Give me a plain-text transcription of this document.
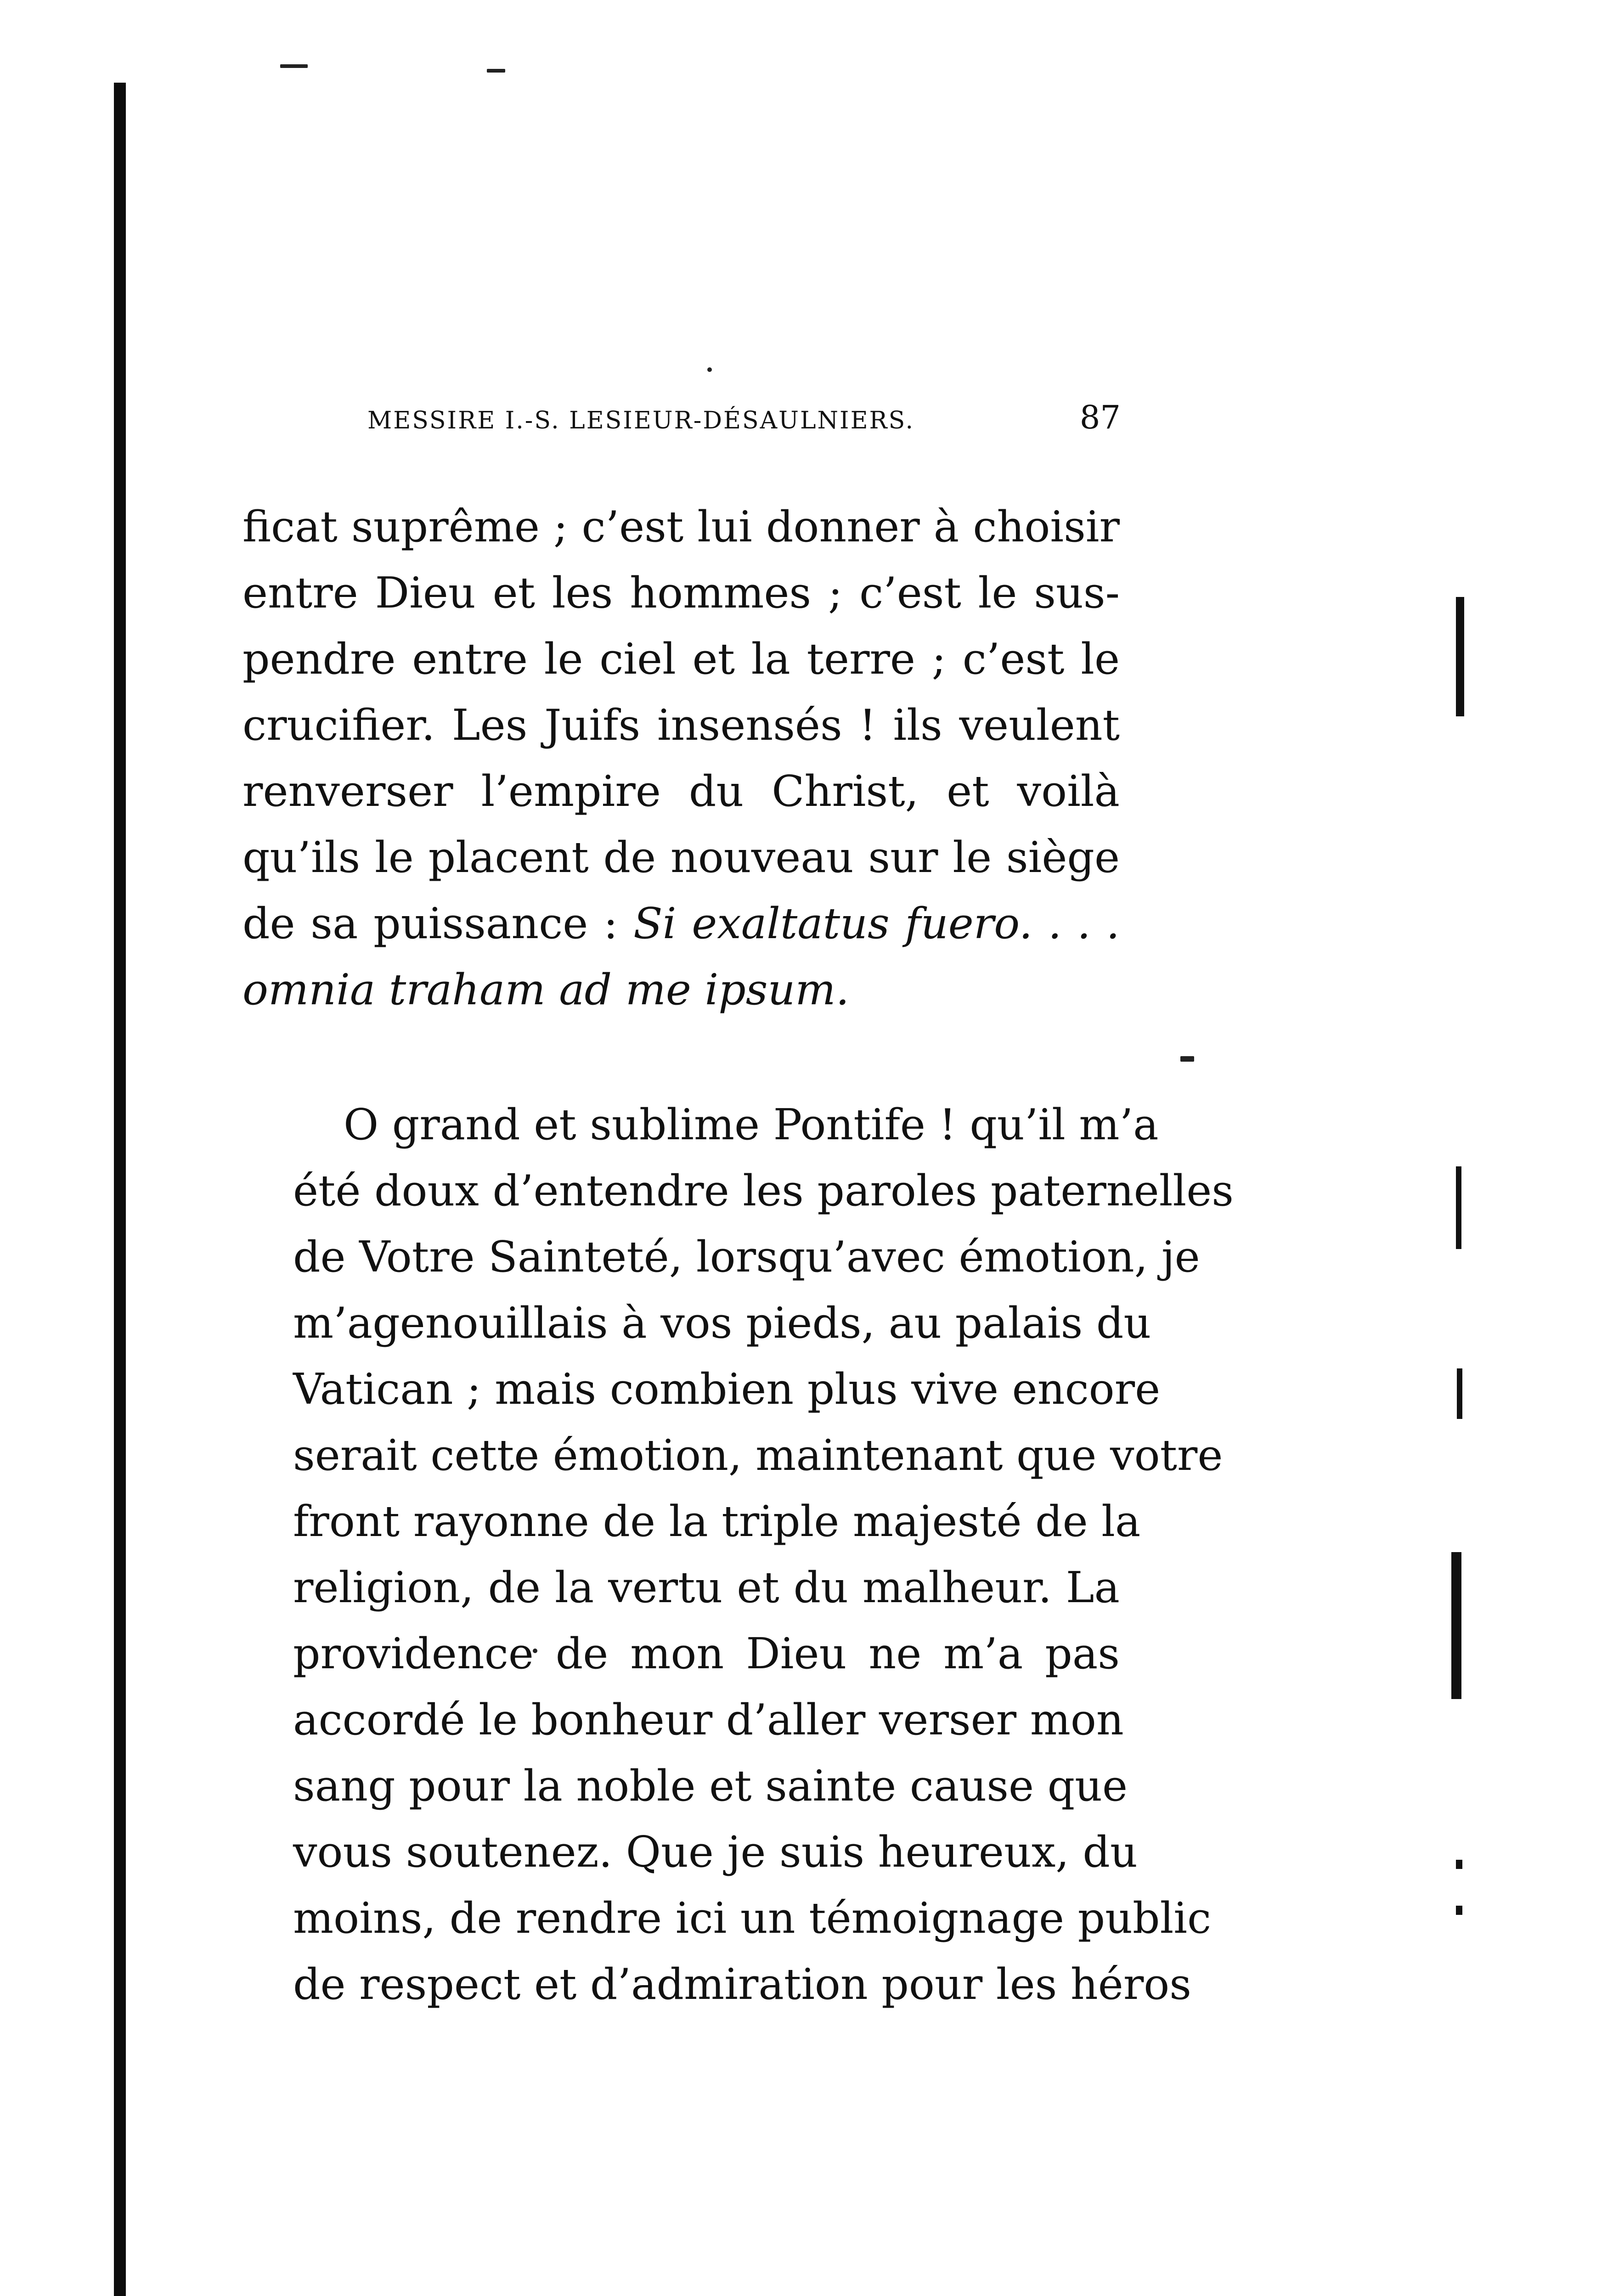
MESSIRE I.-S. LESIEUR-DÉSAULNIERS.	87
ficat suprême ; c’est lui donner à choisir
entre Dieu et les hommes ; c’est le sus-
pendre entre le ciel et la terre ; c’est le
crucifier. Les Juifs insensés ! ils veulent
renverser l’empire du Christ, et voilà
qu’ils le placent de nouveau sur le siège
de sa puissance : Si exaltatus fuero. . . .
omnia traham ad me ipsum.
O grand et sublime Pontife ! qu’il m’a
été doux d’entendre les paroles paternelles
de Votre Sainteté, lorsqu’avec émotion, je
m’agenouillais à vos pieds, au palais du
Vatican ; mais combien plus vive encore
serait cette émotion, maintenant que votre
front rayonne de la triple majesté de la
religion, de la vertu et du malheur. La
providence de mon Dieu ne m’a pas
accordé le bonheur d’aller verser mon
sang pour la noble et sainte cause que
vous soutenez. Que je suis heureux, du
moins, de rendre ici un témoignage public
de respect et d’admiration pour les héros
